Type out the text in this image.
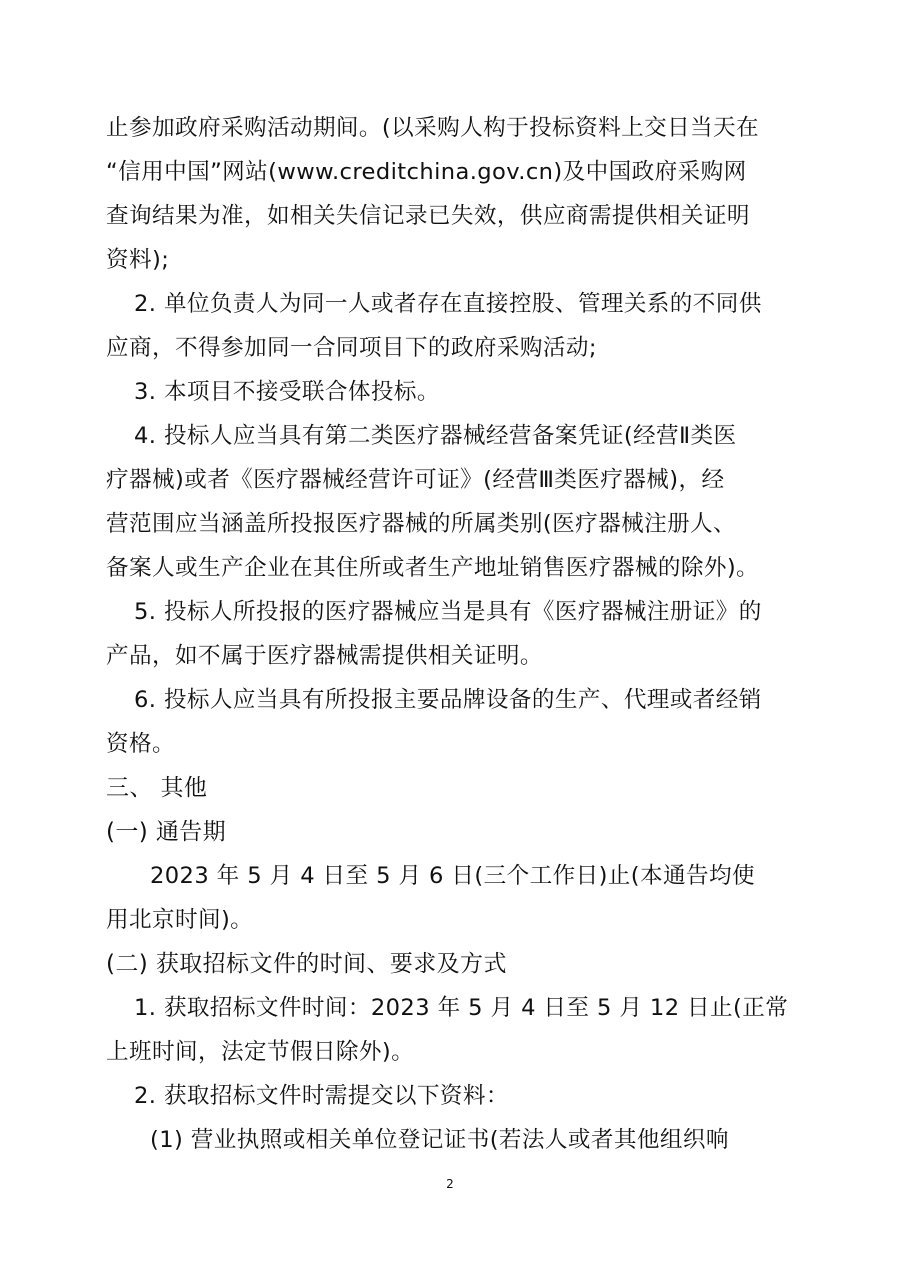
止参加政府采购活动期间。(以采购人构于投标资料上交日当天在
“信用中国”网站(www.creditchina.gov.cn)及中国政府采购网
查询结果为准，如相关失信记录已失效，供应商需提供相关证明
资料);
2. 单位负责人为同一人或者存在直接控股、管理关系的不同供
应商，不得参加同一合同项目下的政府采购活动;
3. 本项目不接受联合体投标。
4. 投标人应当具有第二类医疗器械经营备案凭证(经营Ⅱ类医
疗器械)或者《医疗器械经营许可证》(经营Ⅲ类医疗器械)，经
营范围应当涵盖所投报医疗器械的所属类别(医疗器械注册人、
备案人或生产企业在其住所或者生产地址销售医疗器械的除外)。
5. 投标人所投报的医疗器械应当是具有《医疗器械注册证》的
产品，如不属于医疗器械需提供相关证明。
6. 投标人应当具有所投报主要品牌设备的生产、代理或者经销
资格。
三、 其他
(一) 通告期
2023 年 5 月 4 日至 5 月 6 日(三个工作日)止(本通告均使
用北京时间)。
(二) 获取招标文件的时间、要求及方式
1. 获取招标文件时间：2023 年 5 月 4 日至 5 月 12 日止(正常
上班时间，法定节假日除外)。
2. 获取招标文件时需提交以下资料：
(1) 营业执照或相关单位登记证书(若法人或者其他组织响
2
